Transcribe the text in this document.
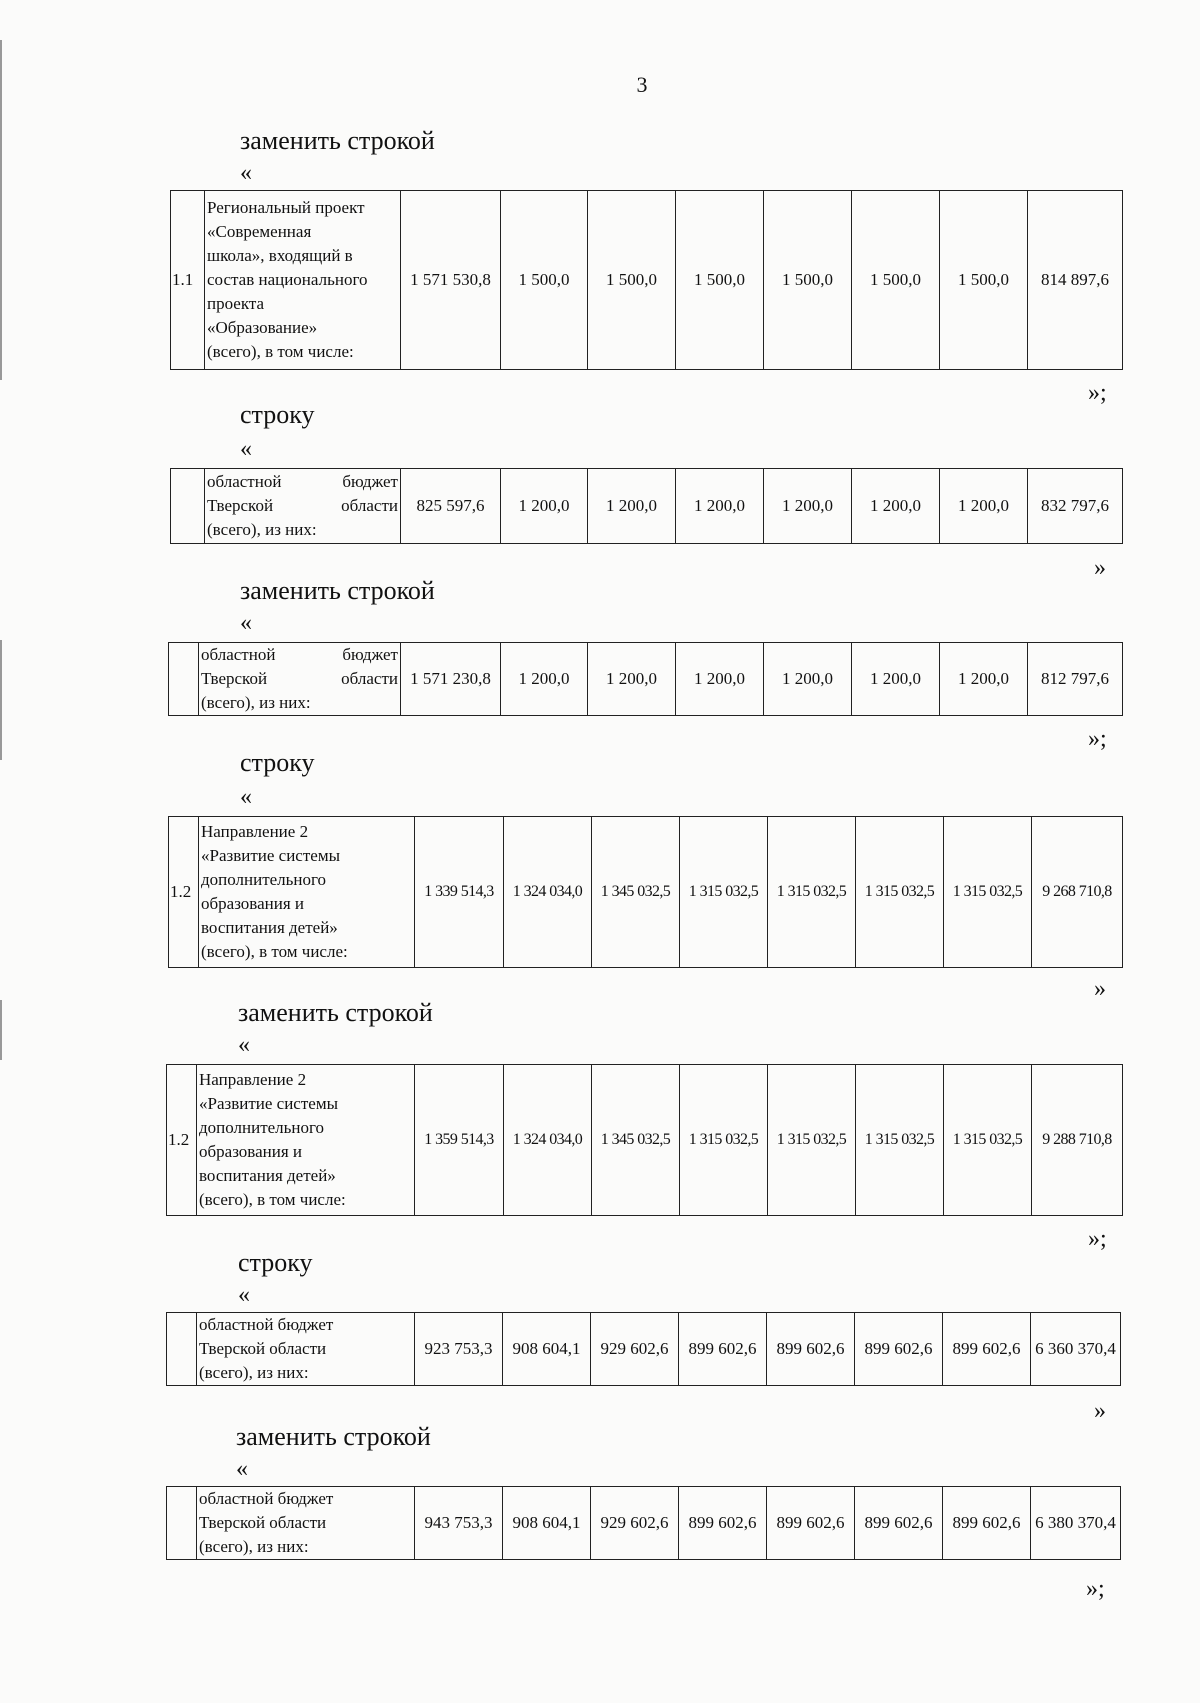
3
заменить строкой
«
1.1	
Региональный проект
«Современная
школа», входящий в
состав национального
проекта
«Образование»
(всего), в том числе:
	1 571 530,8	1 500,0	1 500,0	1 500,0	1 500,0	1 500,0	1 500,0	814 897,6
»;
строку
«

областной	бюджет
Тверской	области
(всего), из них:
	825 597,6	1 200,0	1 200,0	1 200,0	1 200,0	1 200,0	1 200,0	832 797,6
»
заменить строкой
«

областной	бюджет
Тверской	области
(всего), из них:
	1 571 230,8	1 200,0	1 200,0	1 200,0	1 200,0	1 200,0	1 200,0	812 797,6
»;
строку
«
1.2	
Направление 2
«Развитие системы
дополнительного
образования и
воспитания детей»
(всего), в том числе:
	1 339 514,3	1 324 034,0	1 345 032,5	1 315 032,5	1 315 032,5	1 315 032,5	1 315 032,5	9 268 710,8
»
заменить строкой
«
1.2	
Направление 2
«Развитие системы
дополнительного
образования и
воспитания детей»
(всего), в том числе:
	1 359 514,3	1 324 034,0	1 345 032,5	1 315 032,5	1 315 032,5	1 315 032,5	1 315 032,5	9 288 710,8
»;
строку
«

областной бюджет
Тверской области
(всего), из них:
	923 753,3	908 604,1	929 602,6	899 602,6	899 602,6	899 602,6	899 602,6	6 360 370,4
»
заменить строкой
«

областной бюджет
Тверской области
(всего), из них:
	943 753,3	908 604,1	929 602,6	899 602,6	899 602,6	899 602,6	899 602,6	6 380 370,4
»;
